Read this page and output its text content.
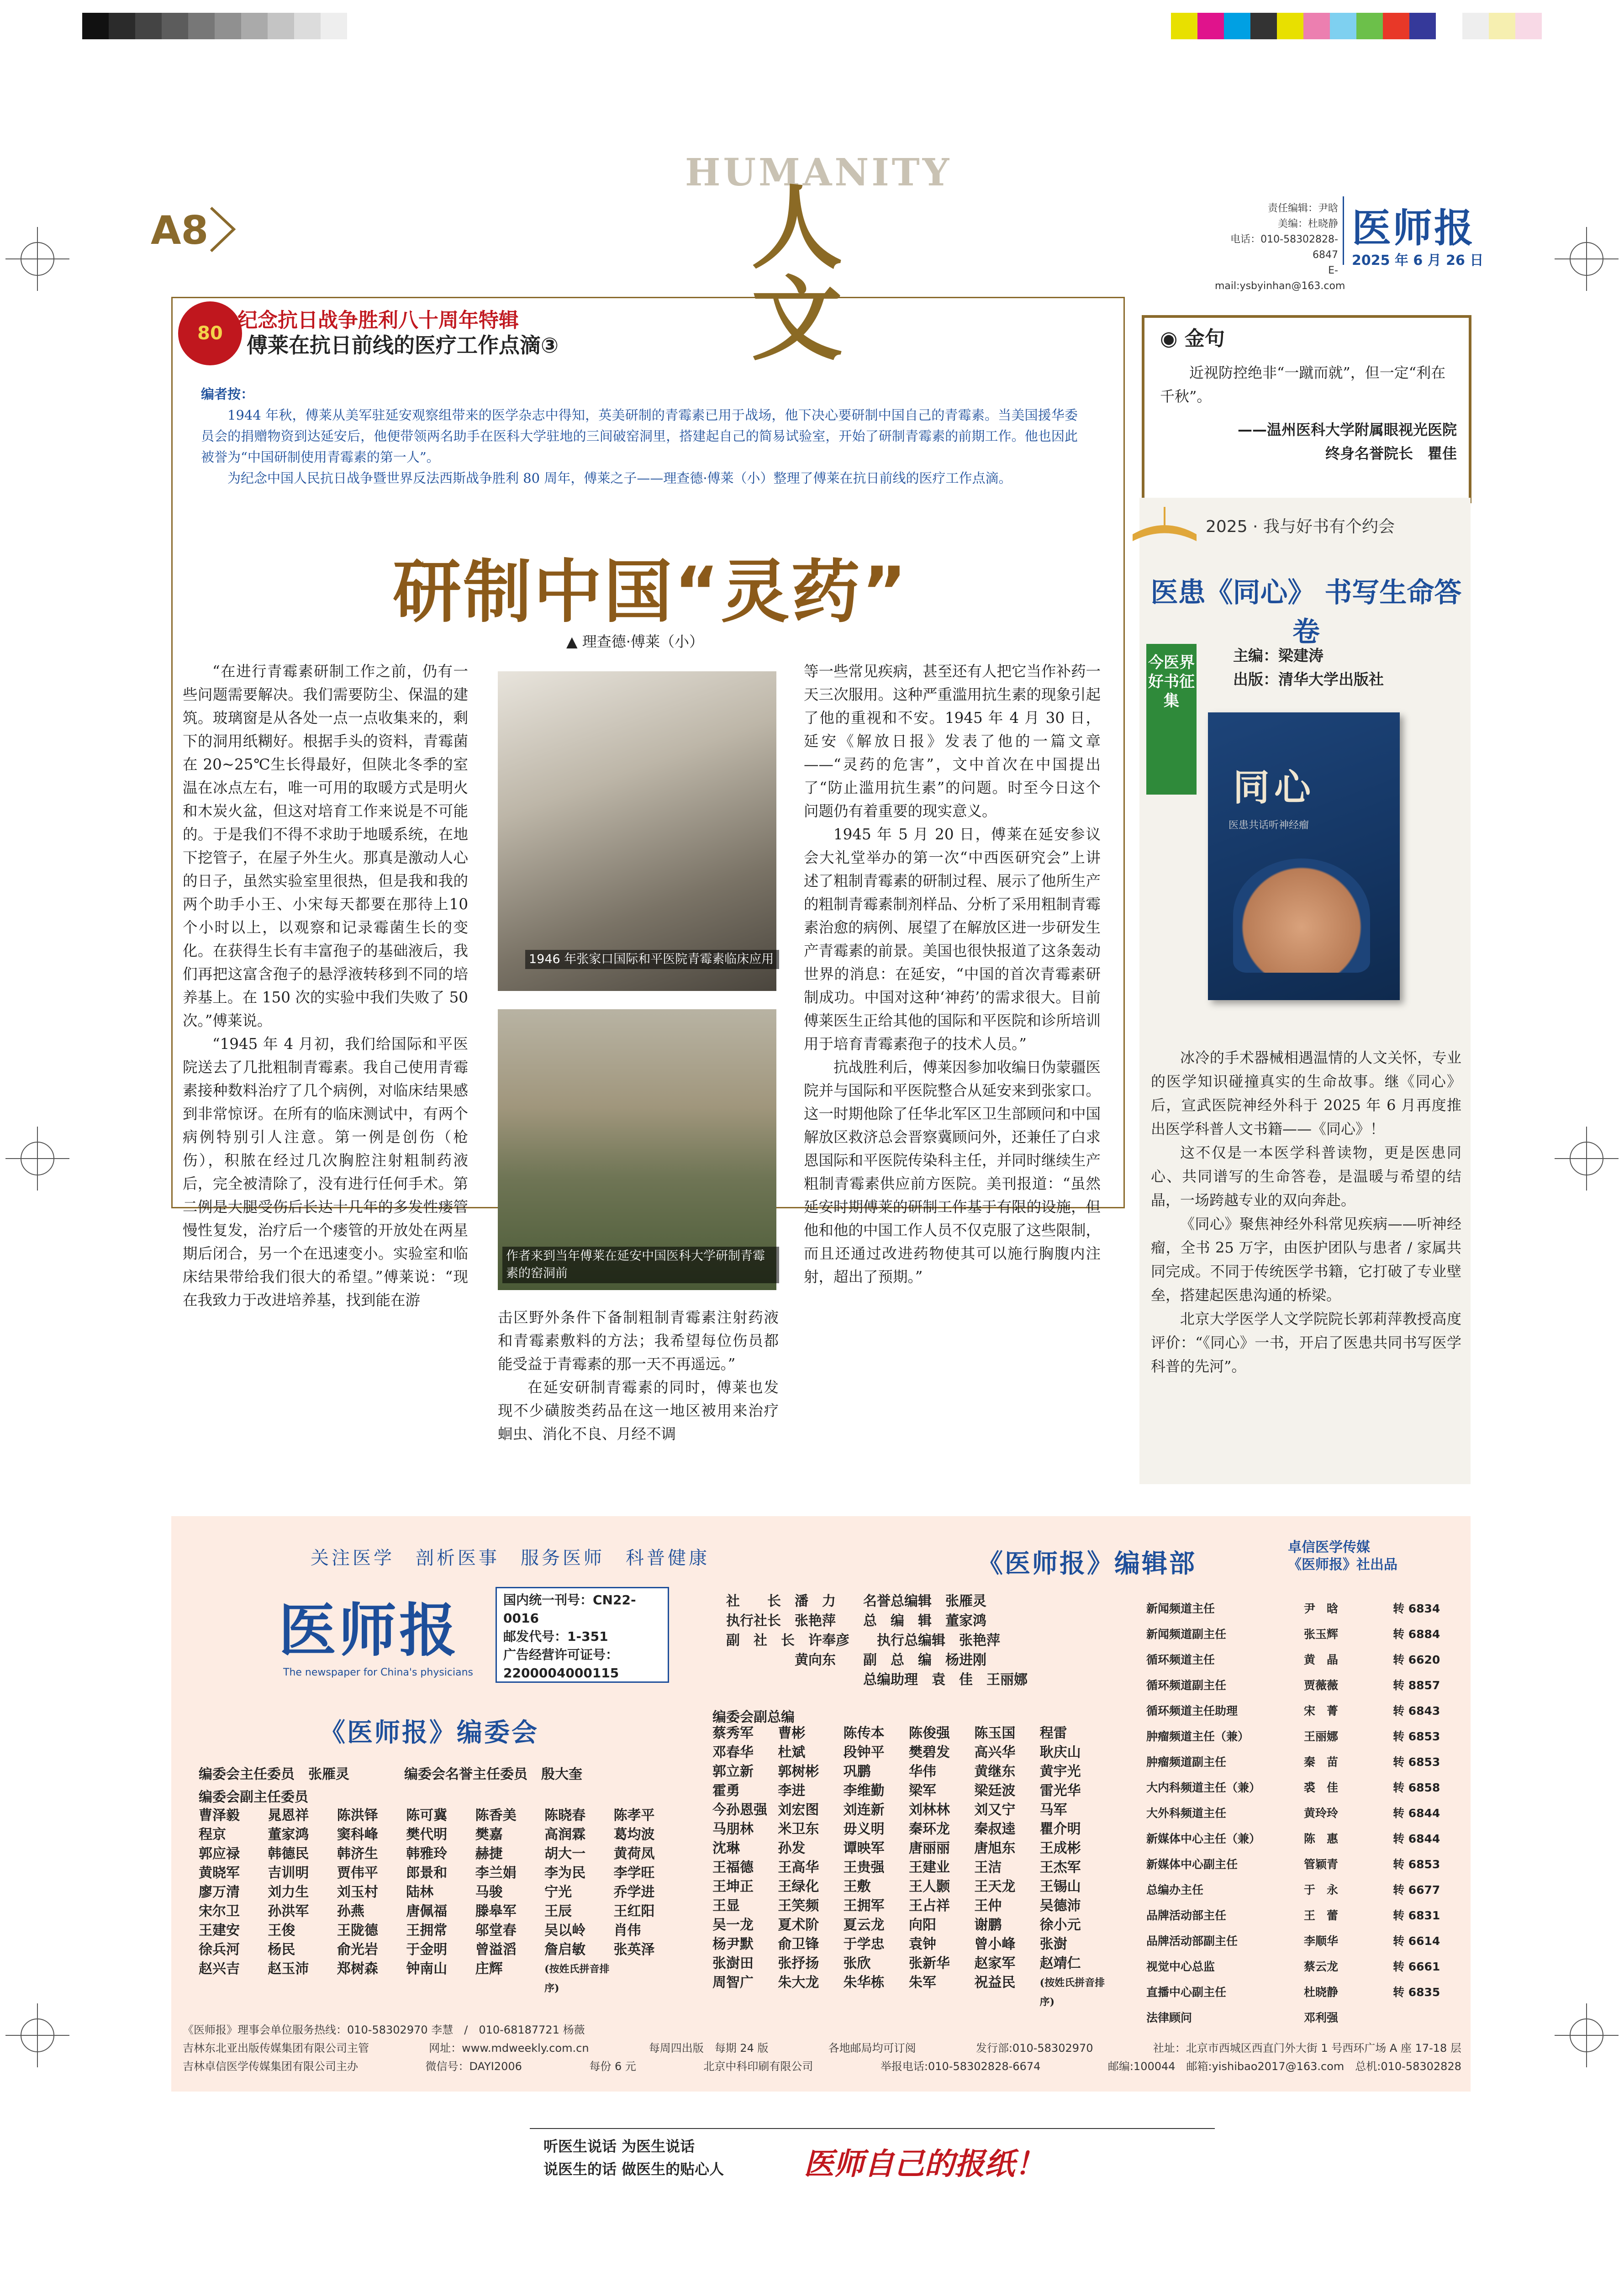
A8
HUMANITY
人文
责任编辑：尹晗
美编：杜晓静
电话：010-58302828-6847
E-mail:ysbyinhan@163.com
医师报
2025 年 6 月 26 日
80
纪念抗日战争胜利八十周年特辑
傅莱在抗日前线的医疗工作点滴③
编者按：
1944 年秋，傅莱从美军驻延安观察组带来的医学杂志中得知，英美研制的青霉素已用于战场，他下决心要研制中国自己的青霉素。当美国援华委员会的捐赠物资到达延安后，他便带领两名助手在医科大学驻地的三间破窑洞里，搭建起自己的简易试验室，开始了研制青霉素的前期工作。他也因此被誉为“中国研制使用青霉素的第一人”。
为纪念中国人民抗日战争暨世界反法西斯战争胜利 80 周年，傅莱之子——理查德·傅莱（小）整理了傅莱在抗日前线的医疗工作点滴。
研制中国“灵药”
▲ 理查德·傅莱（小）

“在进行青霉素研制工作之前，仍有一些问题需要解决。我们需要防尘、保温的建筑。玻璃窗是从各处一点一点收集来的，剩下的洞用纸糊好。根据手头的资料，青霉菌在 20~25℃生长得最好，但陕北冬季的室温在冰点左右，唯一可用的取暖方式是明火和木炭火盆，但这对培育工作来说是不可能的。于是我们不得不求助于地暖系统，在地下挖管子，在屋子外生火。那真是激动人心的日子，虽然实验室里很热，但是我和我的两个助手小王、小宋每天都要在那待上10个小时以上，以观察和记录霉菌生长的变化。在获得生长有丰富孢子的基础液后，我们再把这富含孢子的悬浮液转移到不同的培养基上。在 150 次的实验中我们失败了 50 次。”傅莱说。

“1945 年 4 月初，我们给国际和平医院送去了几批粗制青霉素。我自己使用青霉素接种数料治疗了几个病例，对临床结果感到非常惊讶。在所有的临床测试中，有两个病例特别引人注意。第一例是创伤（枪伤），积脓在经过几次胸腔注射粗制药液后，完全被清除了，没有进行任何手术。第二例是大腿受伤后长达十几年的多发性瘘管慢性复发，治疗后一个瘘管的开放处在两星期后闭合，另一个在迅速变小。实验室和临床结果带给我们很大的希望。”傅莱说：“现在我致力于改进培养基，找到能在游

1946 年张家口国际和平医院青霉素临床应用
作者来到当年傅莱在延安中国医科大学研制青霉素的窑洞前

击区野外条件下备制粗制青霉素注射药液和青霉素敷料的方法；我希望每位伤员都能受益于青霉素的那一天不再遥远。”

在延安研制青霉素的同时，傅莱也发现不少磺胺类药品在这一地区被用来治疗蛔虫、消化不良、月经不调

等一些常见疾病，甚至还有人把它当作补药一天三次服用。这种严重滥用抗生素的现象引起了他的重视和不安。1945 年 4 月 30 日，延安《解放日报》发表了他的一篇文章——“灵药的危害”，文中首次在中国提出了“防止滥用抗生素”的问题。时至今日这个问题仍有着重要的现实意义。

1945 年 5 月 20 日，傅莱在延安参议会大礼堂举办的第一次“中西医研究会”上讲述了粗制青霉素的研制过程、展示了他所生产的粗制青霉素制剂样品、分析了采用粗制青霉素治愈的病例、展望了在解放区进一步研发生产青霉素的前景。美国也很快报道了这条轰动世界的消息：在延安，“中国的首次青霉素研制成功。中国对这种‘神药’的需求很大。目前傅莱医生正给其他的国际和平医院和诊所培训用于培育青霉素孢子的技术人员。”

抗战胜利后，傅莱因参加收编日伪蒙疆医院并与国际和平医院整合从延安来到张家口。这一时期他除了任华北军区卫生部顾问和中国解放区救济总会晋察冀顾问外，还兼任了白求恩国际和平医院传染科主任，并同时继续生产粗制青霉素供应前方医院。美刊报道：“虽然延安时期傅莱的研制工作基于有限的设施，但他和他的中国工作人员不仅克服了这些限制，而且还通过改进药物使其可以施行胸腹内注射，超出了预期。”

◉ 金句
近视防控绝非“一蹴而就”，但一定“利在千秋”。
——温州医科大学附属眼视光医院
终身名誉院长　瞿佳
2025 · 我与好书有个约会
医患《同心》 书写生命答卷
今医界好书征集
主编：梁建涛
出版：清华大学出版社
同心
医患共话听神经瘤

冰冷的手术器械相遇温情的人文关怀，专业的医学知识碰撞真实的生命故事。继《同心》后，宣武医院神经外科于 2025 年 6 月再度推出医学科普人文书籍——《同心》！

这不仅是一本医学科普读物，更是医患同心、共同谱写的生命答卷，是温暖与希望的结晶，一场跨越专业的双向奔赴。

《同心》聚焦神经外科常见疾病——听神经瘤，全书 25 万字，由医护团队与患者 / 家属共同完成。不同于传统医学书籍，它打破了专业壁垒，搭建起医患沟通的桥梁。

北京大学医学人文学院院长郭莉萍教授高度评价：“《同心》一书，开启了医患共同书写医学科普的先河”。

关注医学　剖析医事　服务医师　科普健康
医师报
The newspaper for China's physicians
国内统一刊号：CN22-0016
邮发代号：1-351
广告经营许可证号：
2200004000115
《医师报》编委会
编委会主任委员　张雁灵　　　　编委会名誉主任委员　殷大奎
编委会副主任委员
曹泽毅	晁恩祥	陈洪铎	陈可冀	陈香美	陈晓春	陈孝平
程京	董家鸿	窦科峰	樊代明	樊嘉	高润霖	葛均波
郭应禄	韩德民	韩济生	韩雅玲	赫捷	胡大一	黄荷凤
黄晓军	吉训明	贾伟平	郎景和	李兰娟	李为民	李学旺
廖万清	刘力生	刘玉村	陆林	马骏	宁光	乔学进
宋尔卫	孙洪军	孙燕	唐佩福	滕皋军	王辰	王红阳
王建安	王俊	王陇德	王拥常	邬堂春	吴以岭	肖伟
徐兵河	杨民	俞光岩	于金明	曾溢滔	詹启敏	张英泽
赵兴吉	赵玉沛	郑树森	钟南山	庄辉	(按姓氏拼音排序)
《医师报》编辑部
卓信医学传媒
《医师报》社出品
社　　长　潘　力　　名誉总编辑　张雁灵
执行社长　张艳萍　　总　编　辑　董家鸿
副　社　长　许奉彦　　执行总编辑　张艳萍
　　　　　黄向东　　副　总　编　杨进刚
　　　　　　　　　　总编助理　袁　佳　王丽娜
编委会副总编
蔡秀军	曹彬	陈传本	陈俊强	陈玉国	程雷
邓春华	杜斌	段钟平	樊碧发	高兴华	耿庆山
郭立新	郭树彬	巩鹏	华伟	黄继东	黄宇光
霍勇	李进	李维勤	梁军	梁廷波	雷光华
今孙恩强 刘宏图	刘连新	刘林林	刘又宁	马军
马朋林	米卫东	毋义明	秦环龙	秦叔逵	瞿介明
沈琳	孙发	谭映军	唐丽丽	唐旭东	王成彬
王福德	王高华	王贵强	王建业	王洁	王杰军
王坤正	王绿化	王敷	王人颢	王天龙	王锡山
王显	王笑频	王拥军	王占祥	王仲	吴德沛
吴一龙	夏术阶	夏云龙	向阳	谢鹏	徐小元
杨尹默	俞卫锋	于学忠	袁钟	曾小峰	张澍
张澍田	张抒扬	张欣	张新华	赵家军	赵靖仁
周智广	朱大龙	朱华栋	朱军	祝益民	(按姓氏拼音排序)
新闻频道主任	尹　晗	转 6834
新闻频道副主任	张玉辉	转 6884
循环频道主任	黄　晶	转 6620
循环频道副主任	贾薇薇	转 8857
循环频道主任助理	宋　菁	转 6843
肿瘤频道主任（兼）	王丽娜	转 6853
肿瘤频道副主任	秦　苗	转 6853
大内科频道主任（兼）	裘　佳	转 6858
大外科频道主任	黄玲玲	转 6844
新媒体中心主任（兼）	陈　惠	转 6844
新媒体中心副主任	管颖青	转 6853
总编办主任	于　永	转 6677
品牌活动部主任	王　蕾	转 6831
品牌活动部副主任	李顺华	转 6614
视觉中心总监	蔡云龙	转 6661
直播中心副主任	杜晓静	转 6835
法律顾问	邓利强
《医师报》理事会单位服务热线：010-58302970 李慧　/　010-68187721 杨薇
吉林东北亚出版传媒集团有限公司主管	网址：www.mdweekly.com.cn	每周四出版　每期 24 版	各地邮局均可订阅	发行部:010-58302970	社址：北京市西城区西直门外大街 1 号西环广场 A 座 17-18 层
吉林卓信医学传媒集团有限公司主办	微信号：DAYI2006	每份 6 元	北京中科印刷有限公司	举报电话:010-58302828-6674	邮编:100044　邮箱:yishibao2017@163.com　总机:010-58302828
听医生说话 为医生说话
说医生的话 做医生的贴心人	医师自己的报纸！
